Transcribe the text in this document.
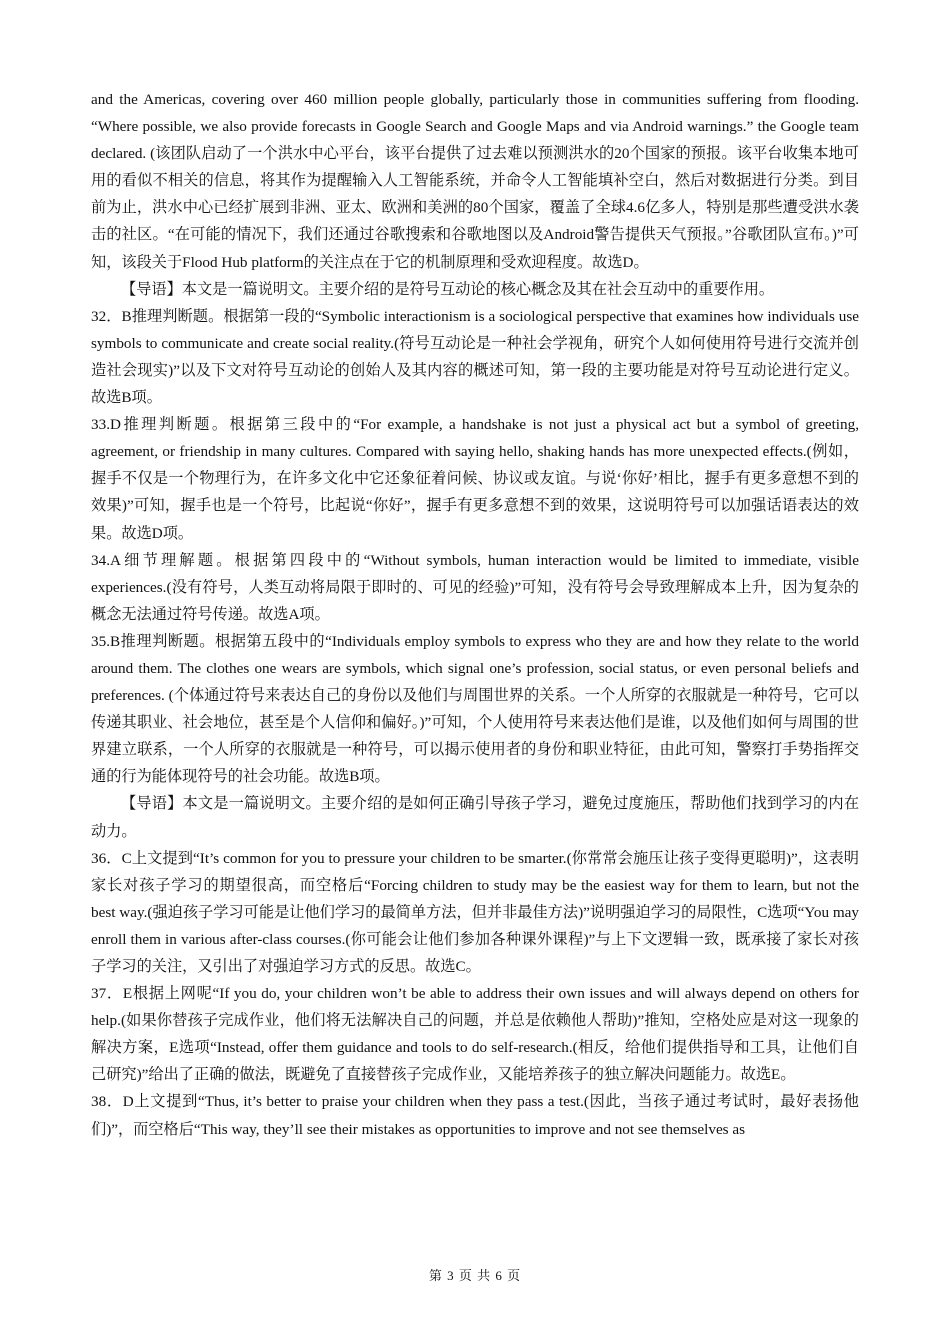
and the Americas, covering over 460 million people globally, particularly those in communities suffering from flooding. “Where possible, we also provide forecasts in Google Search and Google Maps and via Android warnings.” the Google team declared. (该团队启动了一个洪水中心平台，该平台提供了过去难以预测洪水的20个国家的预报。该平台收集本地可用的看似不相关的信息，将其作为提醒输入人工智能系统，并命令人工智能填补空白，然后对数据进行分类。到目前为止，洪水中心已经扩展到非洲、亚太、欧洲和美洲的80个国家，覆盖了全球4.6亿多人，特别是那些遭受洪水袭击的社区。“在可能的情况下，我们还通过谷歌搜索和谷歌地图以及Android警告提供天气预报。”谷歌团队宣布。)”可知，该段关于Flood Hub platform的关注点在于它的机制原理和受欢迎程度。故选D。

【导语】本文是一篇说明文。主要介绍的是符号互动论的核心概念及其在社会互动中的重要作用。

32．B推理判断题。根据第一段的“Symbolic interactionism is a sociological perspective that examines how individuals use symbols to communicate and create social reality.(符号互动论是一种社会学视角，研究个人如何使用符号进行交流并创造社会现实)”以及下文对符号互动论的创始人及其内容的概述可知，第一段的主要功能是对符号互动论进行定义。故选B项。

33.D推理判断题。根据第三段中的“For example, a handshake is not just a physical act but a symbol of greeting, agreement, or friendship in many cultures. Compared with saying hello, shaking hands has more unexpected effects.(例如，握手不仅是一个物理行为，在许多文化中它还象征着问候、协议或友谊。与说‘你好’相比，握手有更多意想不到的效果)”可知，握手也是一个符号，比起说“你好”，握手有更多意想不到的效果，这说明符号可以加强话语表达的效果。故选D项。

34.A细节理解题。根据第四段中的“Without symbols, human interaction would be limited to immediate, visible experiences.(没有符号，人类互动将局限于即时的、可见的经验)”可知，没有符号会导致理解成本上升，因为复杂的概念无法通过符号传递。故选A项。

35.B推理判断题。根据第五段中的“Individuals employ symbols to express who they are and how they relate to the world around them. The clothes one wears are symbols, which signal one’s profession, social status, or even personal beliefs and preferences. (个体通过符号来表达自己的身份以及他们与周围世界的关系。一个人所穿的衣服就是一种符号，它可以传递其职业、社会地位，甚至是个人信仰和偏好。)”可知，个人使用符号来表达他们是谁，以及他们如何与周围的世界建立联系，一个人所穿的衣服就是一种符号，可以揭示使用者的身份和职业特征，由此可知，警察打手势指挥交通的行为能体现符号的社会功能。故选B项。

【导语】本文是一篇说明文。主要介绍的是如何正确引导孩子学习，避免过度施压，帮助他们找到学习的内在动力。

36．C上文提到“It’s common for you to pressure your children to be smarter.(你常常会施压让孩子变得更聪明)”，这表明家长对孩子学习的期望很高，而空格后“Forcing children to study may be the easiest way for them to learn, but not the best way.(强迫孩子学习可能是让他们学习的最简单方法，但并非最佳方法)”说明强迫学习的局限性，C选项“You may enroll them in various after-class courses.(你可能会让他们参加各种课外课程)”与上下文逻辑一致，既承接了家长对孩子学习的关注，又引出了对强迫学习方式的反思。故选C。

37．E根据上网呢“If you do, your children won’t be able to address their own issues and will always depend on others for help.(如果你替孩子完成作业，他们将无法解决自己的问题，并总是依赖他人帮助)”推知，空格处应是对这一现象的解决方案，E选项“Instead, offer them guidance and tools to do self-research.(相反，给他们提供指导和工具，让他们自己研究)”给出了正确的做法，既避免了直接替孩子完成作业，又能培养孩子的独立解决问题能力。故选E。

38．D上文提到“Thus, it’s better to praise your children when they pass a test.(因此，当孩子通过考试时，最好表扬他们)”，而空格后“This way, they’ll see their mistakes as opportunities to improve and not see themselves as

第 3 页 共 6 页
